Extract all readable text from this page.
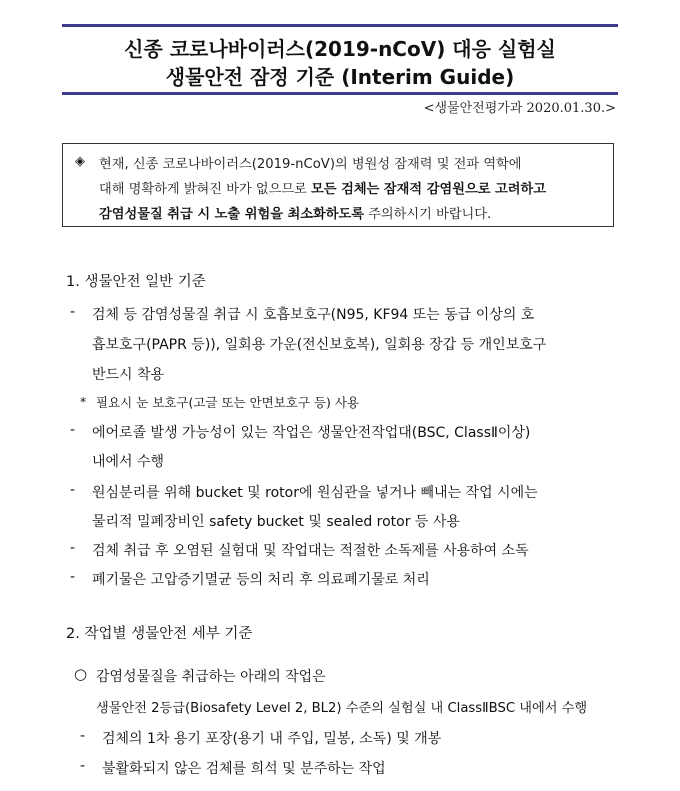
신종 코로나바이러스(2019-nCoV) 대응 실험실
생물안전 잠정 기준 (Interim Guide)
<생물안전평가과 2020.01.30.>
◈ 현재, 신종 코로나바이러스(2019-nCoV)의 병원성 잠재력 및 전파 역학에
대해 명확하게 밝혀진 바가 없으므로 모든 검체는 잠재적 감염원으로 고려하고
감염성물질 취급 시 노출 위험을 최소화하도록 주의하시기 바랍니다.
1. 생물안전 일반 기준
- 검체 등 감염성물질 취급 시 호흡보호구(N95, KF94 또는 동급 이상의 호
흡보호구(PAPR 등)), 일회용 가운(전신보호복), 일회용 장갑 등 개인보호구
반드시 착용
* 필요시 눈 보호구(고글 또는 안면보호구 등) 사용
- 에어로졸 발생 가능성이 있는 작업은 생물안전작업대(BSC, ClassⅡ이상)
내에서 수행
- 원심분리를 위해 bucket 및 rotor에 원심관을 넣거나 빼내는 작업 시에는
물리적 밀폐장비인 safety bucket 및 sealed rotor 등 사용
- 검체 취급 후 오염된 실험대 및 작업대는 적절한 소독제를 사용하여 소독
- 폐기물은 고압증기멸균 등의 처리 후 의료폐기물로 처리
2. 작업별 생물안전 세부 기준
○ 감염성물질을 취급하는 아래의 작업은
생물안전 2등급(Biosafety Level 2, BL2) 수준의 실험실 내 ClassⅡBSC 내에서 수행
- 검체의 1차 용기 포장(용기 내 주입, 밀봉, 소독) 및 개봉
- 불활화되지 않은 검체를 희석 및 분주하는 작업
